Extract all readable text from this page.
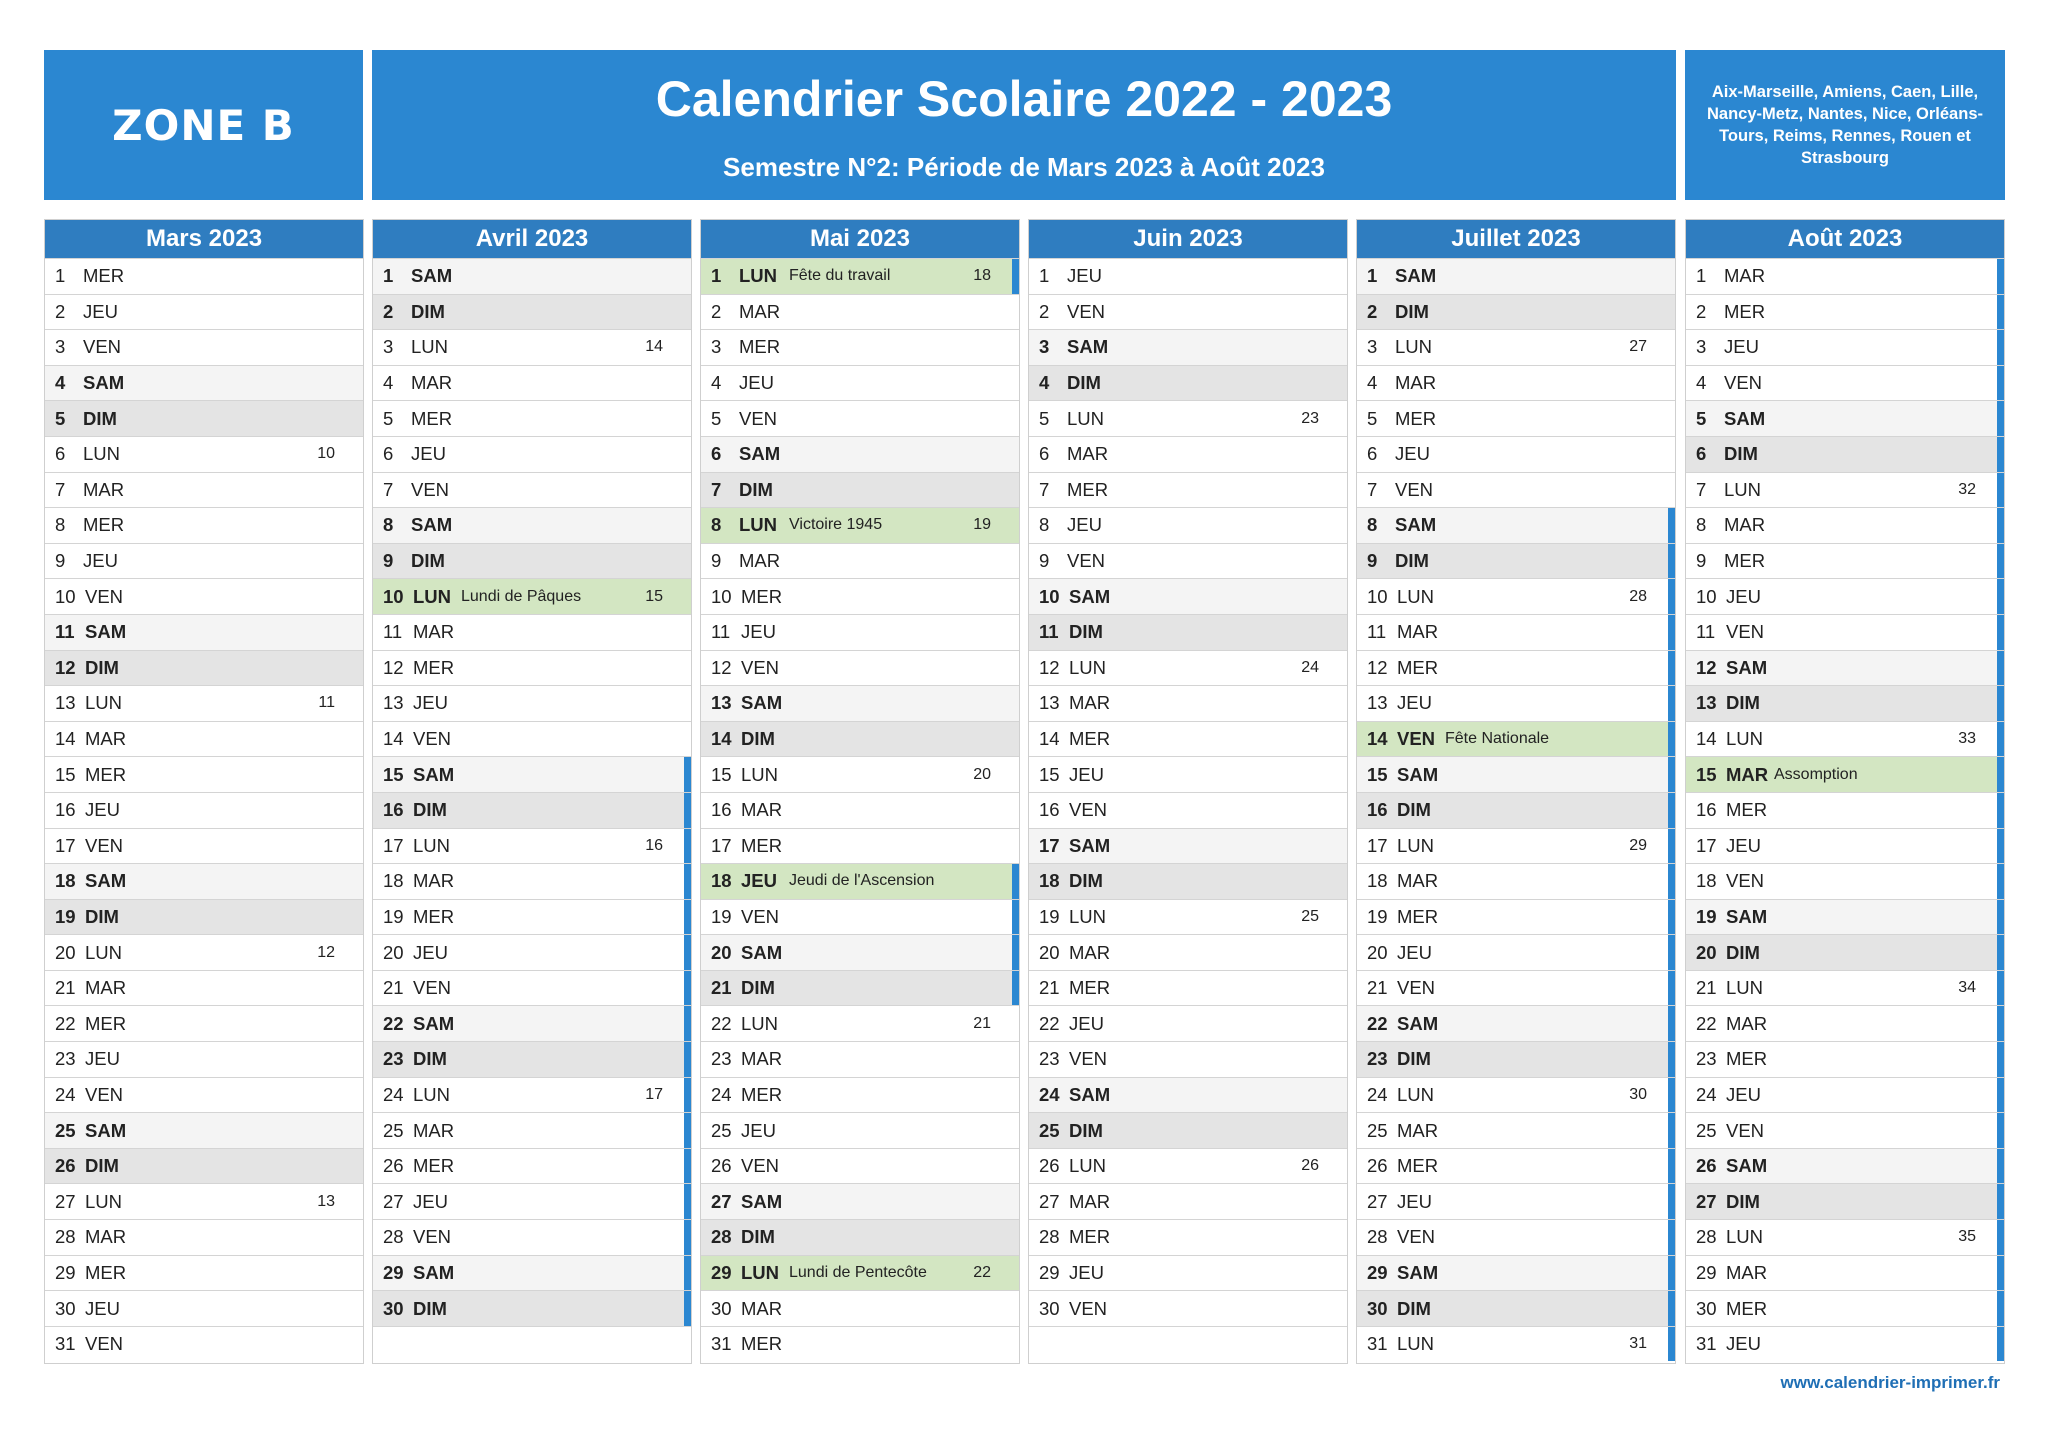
ZONE B	Calendrier Scolaire 2022 - 2023
Semestre N°2: Période de Mars 2023 à Août 2023
Aix-Marseille, Amiens, Caen, Lille, Nancy-Metz, Nantes, Nice, Orléans-Tours, Reims, Rennes, Rouen et Strasbourg
Mars 2023
1 MER
2 JEU
3 VEN
4 SAM
5 DIM
6 LUN	10
7 MAR
8 MER
9 JEU
10 VEN
11 SAM
12 DIM
13 LUN	11
14 MAR
15 MER
16 JEU
17 VEN
18 SAM
19 DIM
20 LUN	12
21 MAR
22 MER
23 JEU
24 VEN
25 SAM
26 DIM
27 LUN	13
28 MAR
29 MER
30 JEU
31 VEN
Avril 2023
1 SAM
2 DIM
3 LUN	14
4 MAR
5 MER
6 JEU
7 VEN
8 SAM
9 DIM
10 LUN Lundi de Pâques	15
11 MAR
12 MER
13 JEU
14 VEN
15 SAM
16 DIM
17 LUN	16
18 MAR
19 MER
20 JEU
21 VEN
22 SAM
23 DIM
24 LUN	17
25 MAR
26 MER
27 JEU
28 VEN
29 SAM
30 DIM
Mai 2023
1 LUN Fête du travail	18
2 MAR
3 MER
4 JEU
5 VEN
6 SAM
7 DIM
8 LUN Victoire 1945	19
9 MAR
10 MER
11 JEU
12 VEN
13 SAM
14 DIM
15 LUN	20
16 MAR
17 MER
18 JEU Jeudi de l'Ascension
19 VEN
20 SAM
21 DIM
22 LUN	21
23 MAR
24 MER
25 JEU
26 VEN
27 SAM
28 DIM
29 LUN Lundi de Pentecôte	22
30 MAR
31 MER
Juin 2023
1 JEU
2 VEN
3 SAM
4 DIM
5 LUN	23
6 MAR
7 MER
8 JEU
9 VEN
10 SAM
11 DIM
12 LUN	24
13 MAR
14 MER
15 JEU
16 VEN
17 SAM
18 DIM
19 LUN	25
20 MAR
21 MER
22 JEU
23 VEN
24 SAM
25 DIM
26 LUN	26
27 MAR
28 MER
29 JEU
30 VEN
Juillet 2023
1 SAM
2 DIM
3 LUN	27
4 MAR
5 MER
6 JEU
7 VEN
8 SAM
9 DIM
10 LUN	28
11 MAR
12 MER
13 JEU
14 VEN Fête Nationale
15 SAM
16 DIM
17 LUN	29
18 MAR
19 MER
20 JEU
21 VEN
22 SAM
23 DIM
24 LUN	30
25 MAR
26 MER
27 JEU
28 VEN
29 SAM
30 DIM
31 LUN	31
Août 2023
1 MAR
2 MER
3 JEU
4 VEN
5 SAM
6 DIM
7 LUN	32
8 MAR
9 MER
10 JEU
11 VEN
12 SAM
13 DIM
14 LUN	33
15 MAR Assomption
16 MER
17 JEU
18 VEN
19 SAM
20 DIM
21 LUN	34
22 MAR
23 MER
24 JEU
25 VEN
26 SAM
27 DIM
28 LUN	35
29 MAR
30 MER
31 JEU
www.calendrier-imprimer.fr
